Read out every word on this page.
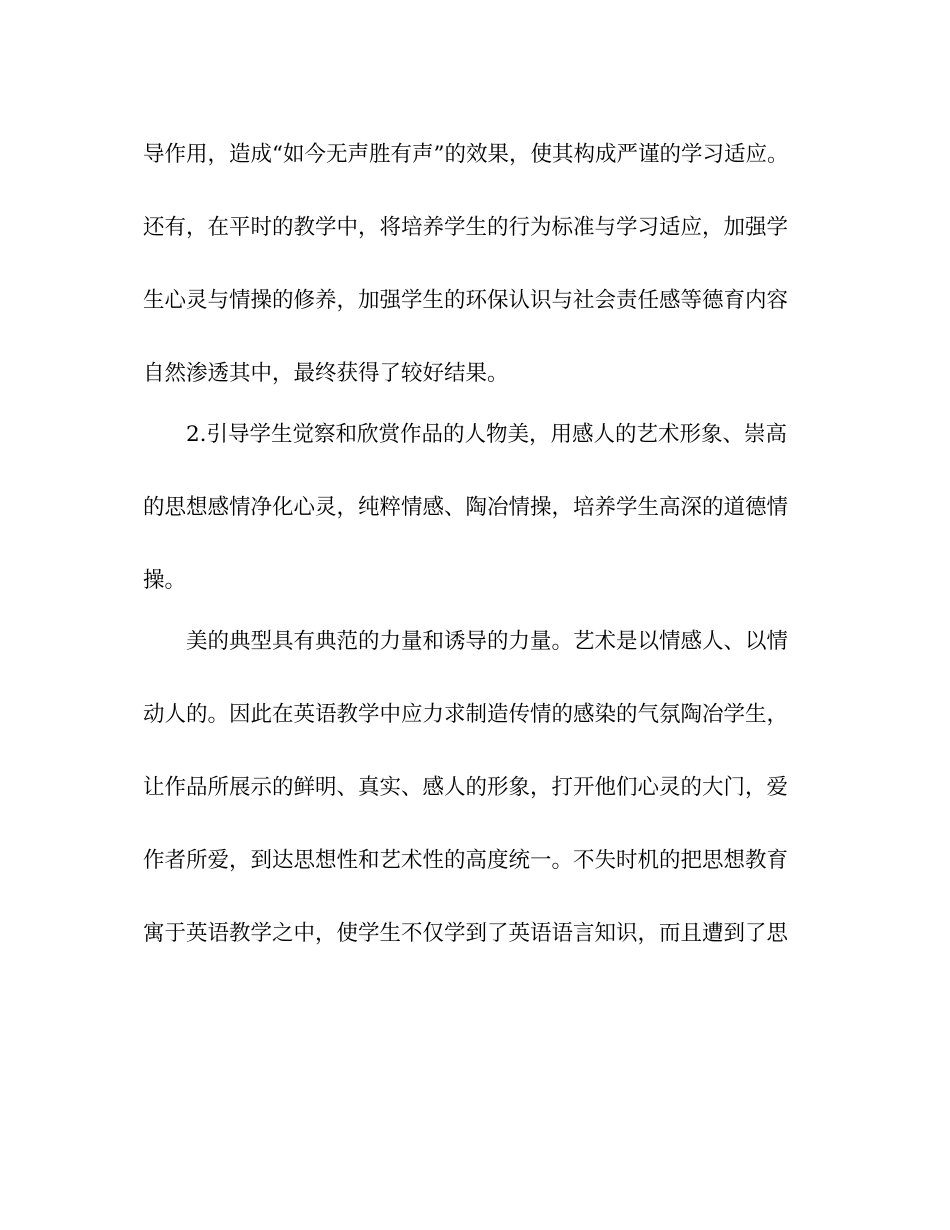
导作用，造成“如今无声胜有声”的效果，使其构成严谨的学习适应。
还有，在平时的教学中，将培养学生的行为标准与学习适应，加强学
生心灵与情操的修养，加强学生的环保认识与社会责任感等德育内容
自然渗透其中，最终获得了较好结果。
2.引导学生觉察和欣赏作品的人物美，用感人的艺术形象、崇高
的思想感情净化心灵，纯粹情感、陶冶情操，培养学生高深的道德情
操。
美的典型具有典范的力量和诱导的力量。艺术是以情感人、以情
动人的。因此在英语教学中应力求制造传情的感染的气氛陶冶学生，
让作品所展示的鲜明、真实、感人的形象，打开他们心灵的大门，爱
作者所爱，到达思想性和艺术性的高度统一。不失时机的把思想教育
寓于英语教学之中，使学生不仅学到了英语语言知识，而且遭到了思
